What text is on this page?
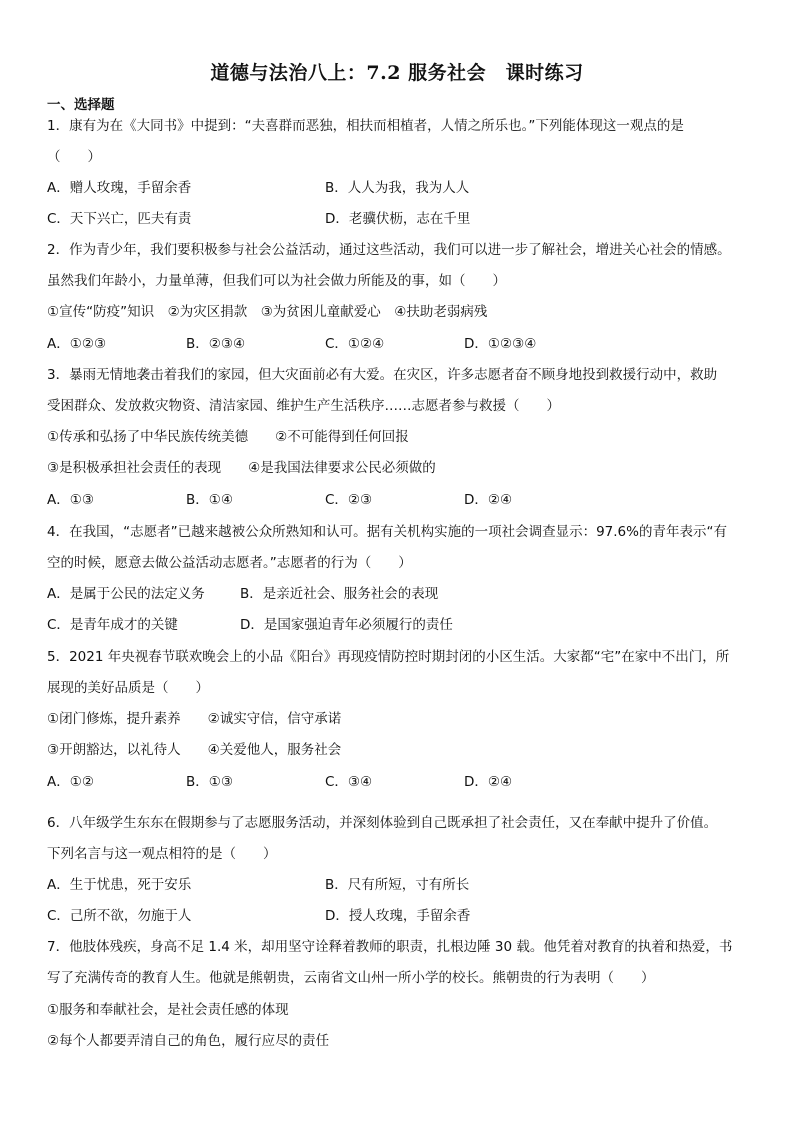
道德与法治八上：7.2 服务社会　课时练习
一、选择题
1．康有为在《大同书》中提到：“夫喜群而恶独，相扶而相植者，人情之所乐也。”下列能体现这一观点的是
（　　）
A．赠人玫瑰，手留余香	B．人人为我，我为人人
C．天下兴亡，匹夫有责	D．老骥伏枥，志在千里
2．作为青少年，我们要积极参与社会公益活动，通过这些活动，我们可以进一步了解社会，增进关心社会的情感。
虽然我们年龄小，力量单薄，但我们可以为社会做力所能及的事，如（　　）
①宣传“防疫”知识　②为灾区捐款　③为贫困儿童献爱心　④扶助老弱病残
A．①②③	B．②③④	C．①②④	D．①②③④
3．暴雨无情地袭击着我们的家园，但大灾面前必有大爱。在灾区，许多志愿者奋不顾身地投到救援行动中，救助
受困群众、发放救灾物资、清洁家园、维护生产生活秩序……志愿者参与救援（　　）
①传承和弘扬了中华民族传统美德　　②不可能得到任何回报
③是积极承担社会责任的表现　　④是我国法律要求公民必须做的
A．①③	B．①④	C．②③	D．②④
4．在我国，“志愿者”已越来越被公众所熟知和认可。据有关机构实施的一项社会调查显示：97.6%的青年表示“有
空的时候，愿意去做公益活动志愿者。”志愿者的行为（　　）
A．是属于公民的法定义务	B．是亲近社会、服务社会的表现
C．是青年成才的关键	D．是国家强迫青年必须履行的责任
5．2021 年央视春节联欢晚会上的小品《阳台》再现疫情防控时期封闭的小区生活。大家都“宅”在家中不出门，所
展现的美好品质是（　　）
①闭门修炼，提升素养　　②诚实守信，信守承诺
③开朗豁达，以礼待人　　④关爱他人，服务社会
A．①②	B．①③	C．③④	D．②④
6．八年级学生东东在假期参与了志愿服务活动，并深刻体验到自己既承担了社会责任，又在奉献中提升了价值。
下列名言与这一观点相符的是（　　）
A．生于忧患，死于安乐	B．尺有所短，寸有所长
C．己所不欲，勿施于人	D．授人玫瑰，手留余香
7．他肢体残疾，身高不足 1.4 米，却用坚守诠释着教师的职责，扎根边陲 30 载。他凭着对教育的执着和热爱，书
写了充满传奇的教育人生。他就是熊朝贵，云南省文山州一所小学的校长。熊朝贵的行为表明（　　）
①服务和奉献社会，是社会责任感的体现
②每个人都要弄清自己的角色，履行应尽的责任
